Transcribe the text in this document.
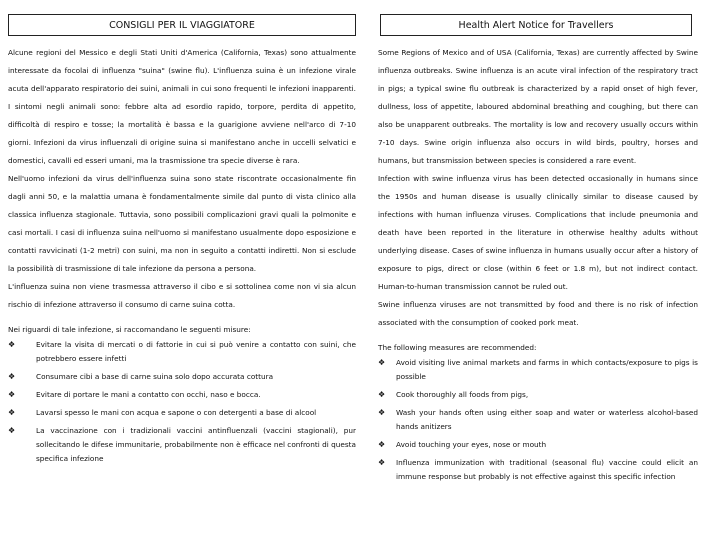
CONSIGLI PER IL VIAGGIATORE

Alcune regioni del Messico e degli Stati Uniti d'America (California, Texas) sono attualmente interessate da focolai di influenza "suina" (swine flu). L'influenza suina è un infezione virale acuta dell'apparato respiratorio dei suini, animali in cui sono frequenti le infezioni inapparenti. I sintomi negli animali sono: febbre alta ad esordio rapido, torpore, perdita di appetito, difficoltà di respiro e tosse; la mortalità è bassa e la guarigione avviene nell'arco di 7-10 giorni. Infezioni da virus influenzali di origine suina si manifestano anche in uccelli selvatici e domestici, cavalli ed esseri umani, ma la trasmissione tra specie diverse è rara.

Nell'uomo infezioni da virus dell'influenza suina sono state riscontrate occasionalmente fin dagli anni 50, e la malattia umana è fondamentalmente simile dal punto di vista clinico alla classica influenza stagionale. Tuttavia, sono possibili complicazioni gravi quali la polmonite e casi mortali. I casi di influenza suina nell'uomo si manifestano usualmente dopo esposizione e contatti ravvicinati (1-2 metri) con suini, ma non in seguito a contatti indiretti. Non si esclude la possibilità di trasmissione di tale infezione da persona a persona.

L'influenza suina non viene trasmessa attraverso il cibo e si sottolinea come non vi sia alcun rischio di infezione attraverso il consumo di carne suina cotta.

Nei riguardi di tale infezione, si raccomandano le seguenti misure:

❖	Evitare la visita di mercati o di fattorie in cui si può venire a contatto con suini, che potrebbero essere infetti
❖	Consumare cibi a base di carne suina solo dopo accurata cottura
❖	Evitare di portare le mani a contatto con occhi, naso e bocca.
❖	Lavarsi spesso le mani con acqua e sapone o con detergenti a base di alcool
❖	La vaccinazione con i tradizionali vaccini antinfluenzali (vaccini stagionali), pur sollecitando le difese immunitarie, probabilmente non è efficace nel confronti di questa specifica infezione
Health Alert Notice for Travellers

Some Regions of Mexico and of USA (California, Texas) are currently affected by Swine influenza outbreaks. Swine influenza is an acute viral infection of the respiratory tract in pigs; a typical swine flu outbreak is characterized by a rapid onset of high fever, dullness, loss of appetite, laboured abdominal breathing and coughing, but there can also be unapparent outbreaks. The mortality is low and recovery usually occurs within 7-10 days. Swine origin influenza also occurs in wild birds, poultry, horses and humans, but transmission between species is considered a rare event.

Infection with swine influenza virus has been detected occasionally in humans since the 1950s and human disease is usually clinically similar to disease caused by infections with human influenza viruses. Complications that include pneumonia and death have been reported in the literature in otherwise healthy adults without underlying disease. Cases of swine influenza in humans usually occur after a history of exposure to pigs, direct or close (within 6 feet or 1.8 m), but not indirect contact. Human-to-human transmission cannot be ruled out.

Swine influenza viruses are not transmitted by food and there is no risk of infection associated with the consumption of cooked pork meat.

The following measures are recommended:

❖	Avoid visiting live animal markets and farms in which contacts/exposure to pigs is possible
❖	Cook thoroughly all foods from pigs,
❖	Wash your hands often using either soap and water or waterless alcohol-based hands anitizers
❖	Avoid touching your eyes, nose or mouth
❖	Influenza immunization with traditional (seasonal flu) vaccine could elicit an immune response but probably is not effective against this specific infection
